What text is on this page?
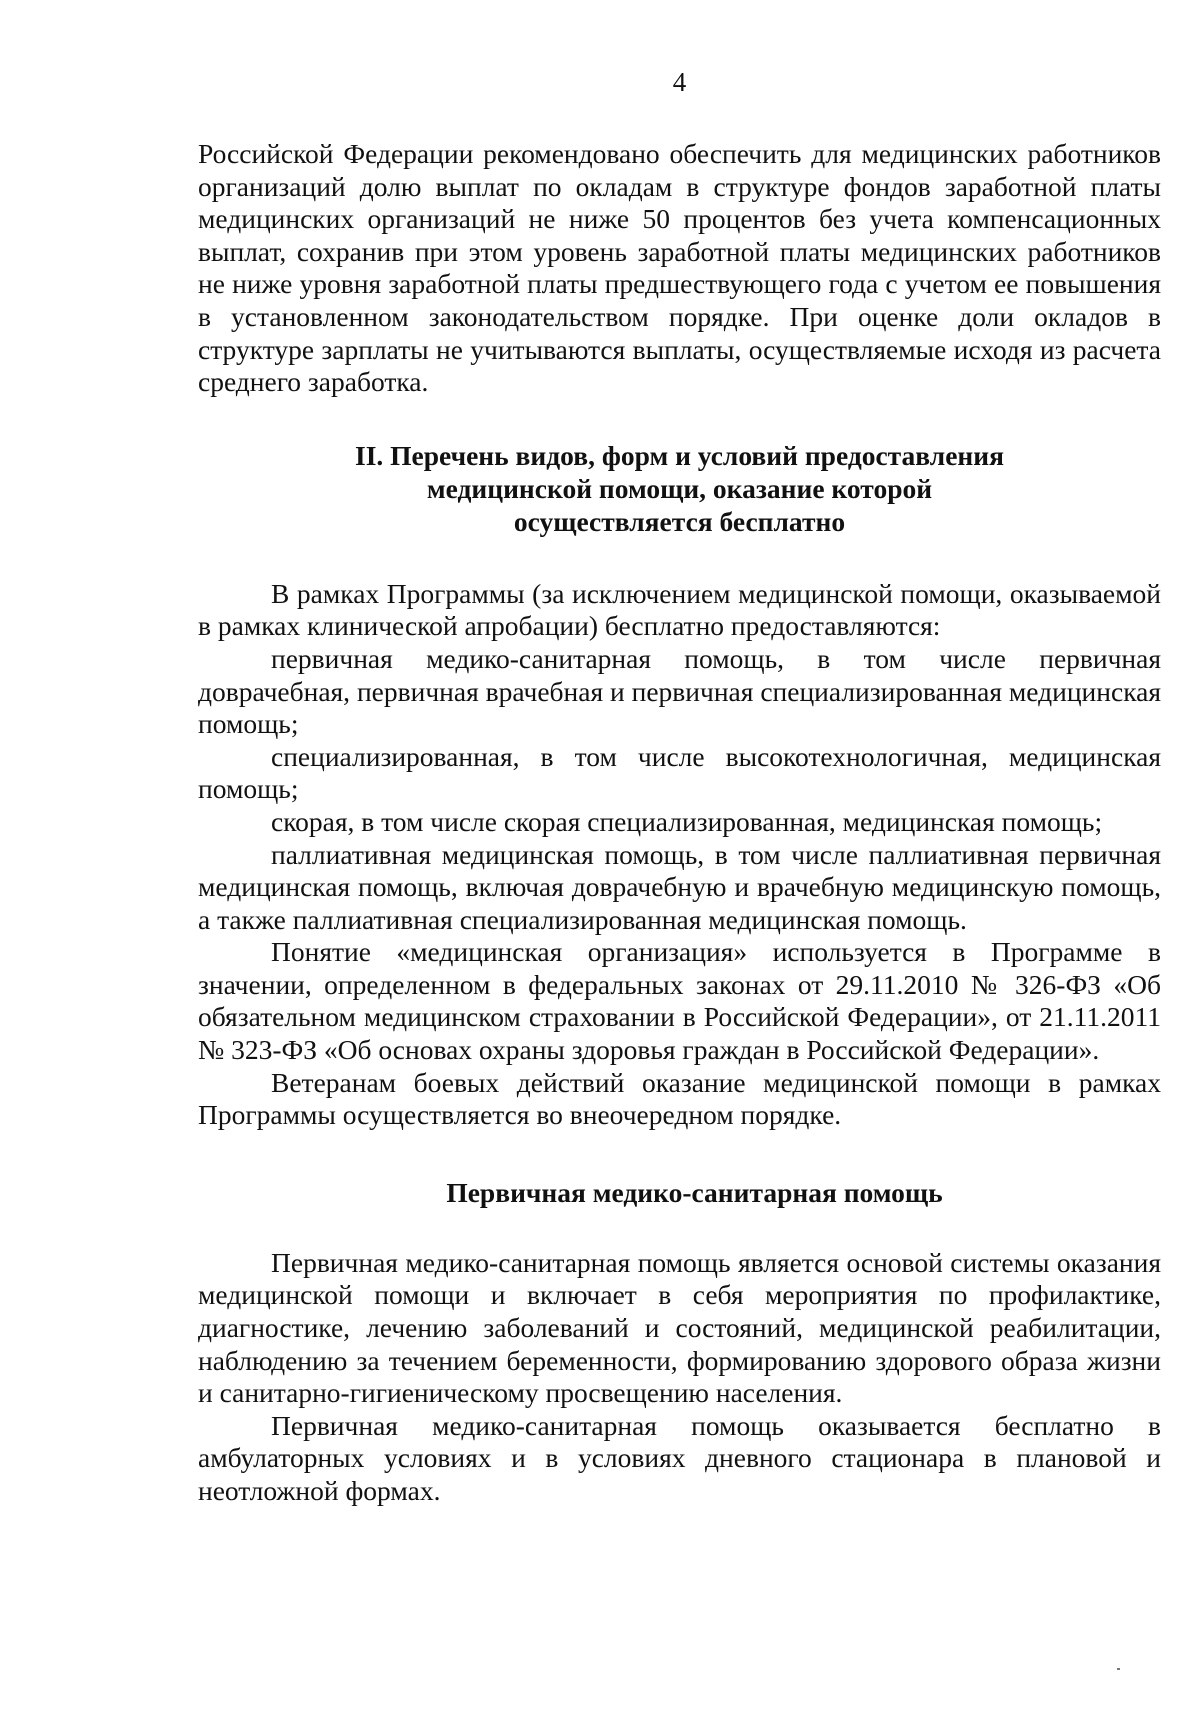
4

Российской Федерации рекомендовано обеспечить для медицинских работников организаций долю выплат по окладам в структуре фондов заработной платы медицинских организаций не ниже 50 процентов без учета компенсационных выплат, сохранив при этом уровень заработной платы медицинских работников не ниже уровня заработной платы предшествующего года с учетом ее повышения в установленном законодательством порядке. При оценке доли окладов в структуре зарплаты не учитываются выплаты, осуществляемые исходя из расчета среднего заработка.

II. Перечень видов, форм и условий предоставления
медицинской помощи, оказание которой
осуществляется бесплатно

В рамках Программы (за исключением медицинской помощи, оказываемой в рамках клинической апробации) бесплатно предоставляются:

первичная медико-санитарная помощь, в том числе первичная доврачебная, первичная врачебная и первичная специализированная медицинская помощь;

специализированная, в том числе высокотехнологичная, медицинская помощь;

скорая, в том числе скорая специализированная, медицинская помощь;

паллиативная медицинская помощь, в том числе паллиативная первичная медицинская помощь, включая доврачебную и врачебную медицинскую помощь, а также паллиативная специализированная медицинская помощь.

Понятие «медицинская организация» используется в Программе в значении, определенном в федеральных законах от 29.11.2010 № 326-ФЗ «Об обязательном медицинском страховании в Российской Федерации», от 21.11.2011 № 323-ФЗ «Об основах охраны здоровья граждан в Российской Федерации».

Ветеранам боевых действий оказание медицинской помощи в рамках Программы осуществляется во внеочередном порядке.

Первичная медико-санитарная помощь

Первичная медико-санитарная помощь является основой системы оказания медицинской помощи и включает в себя мероприятия по профилактике, диагностике, лечению заболеваний и состояний, медицинской реабилитации, наблюдению за течением беременности, формированию здорового образа жизни и санитарно-гигиеническому просвещению населения.

Первичная медико-санитарная помощь оказывается бесплатно в амбулаторных условиях и в условиях дневного стационара в плановой и неотложной формах.
